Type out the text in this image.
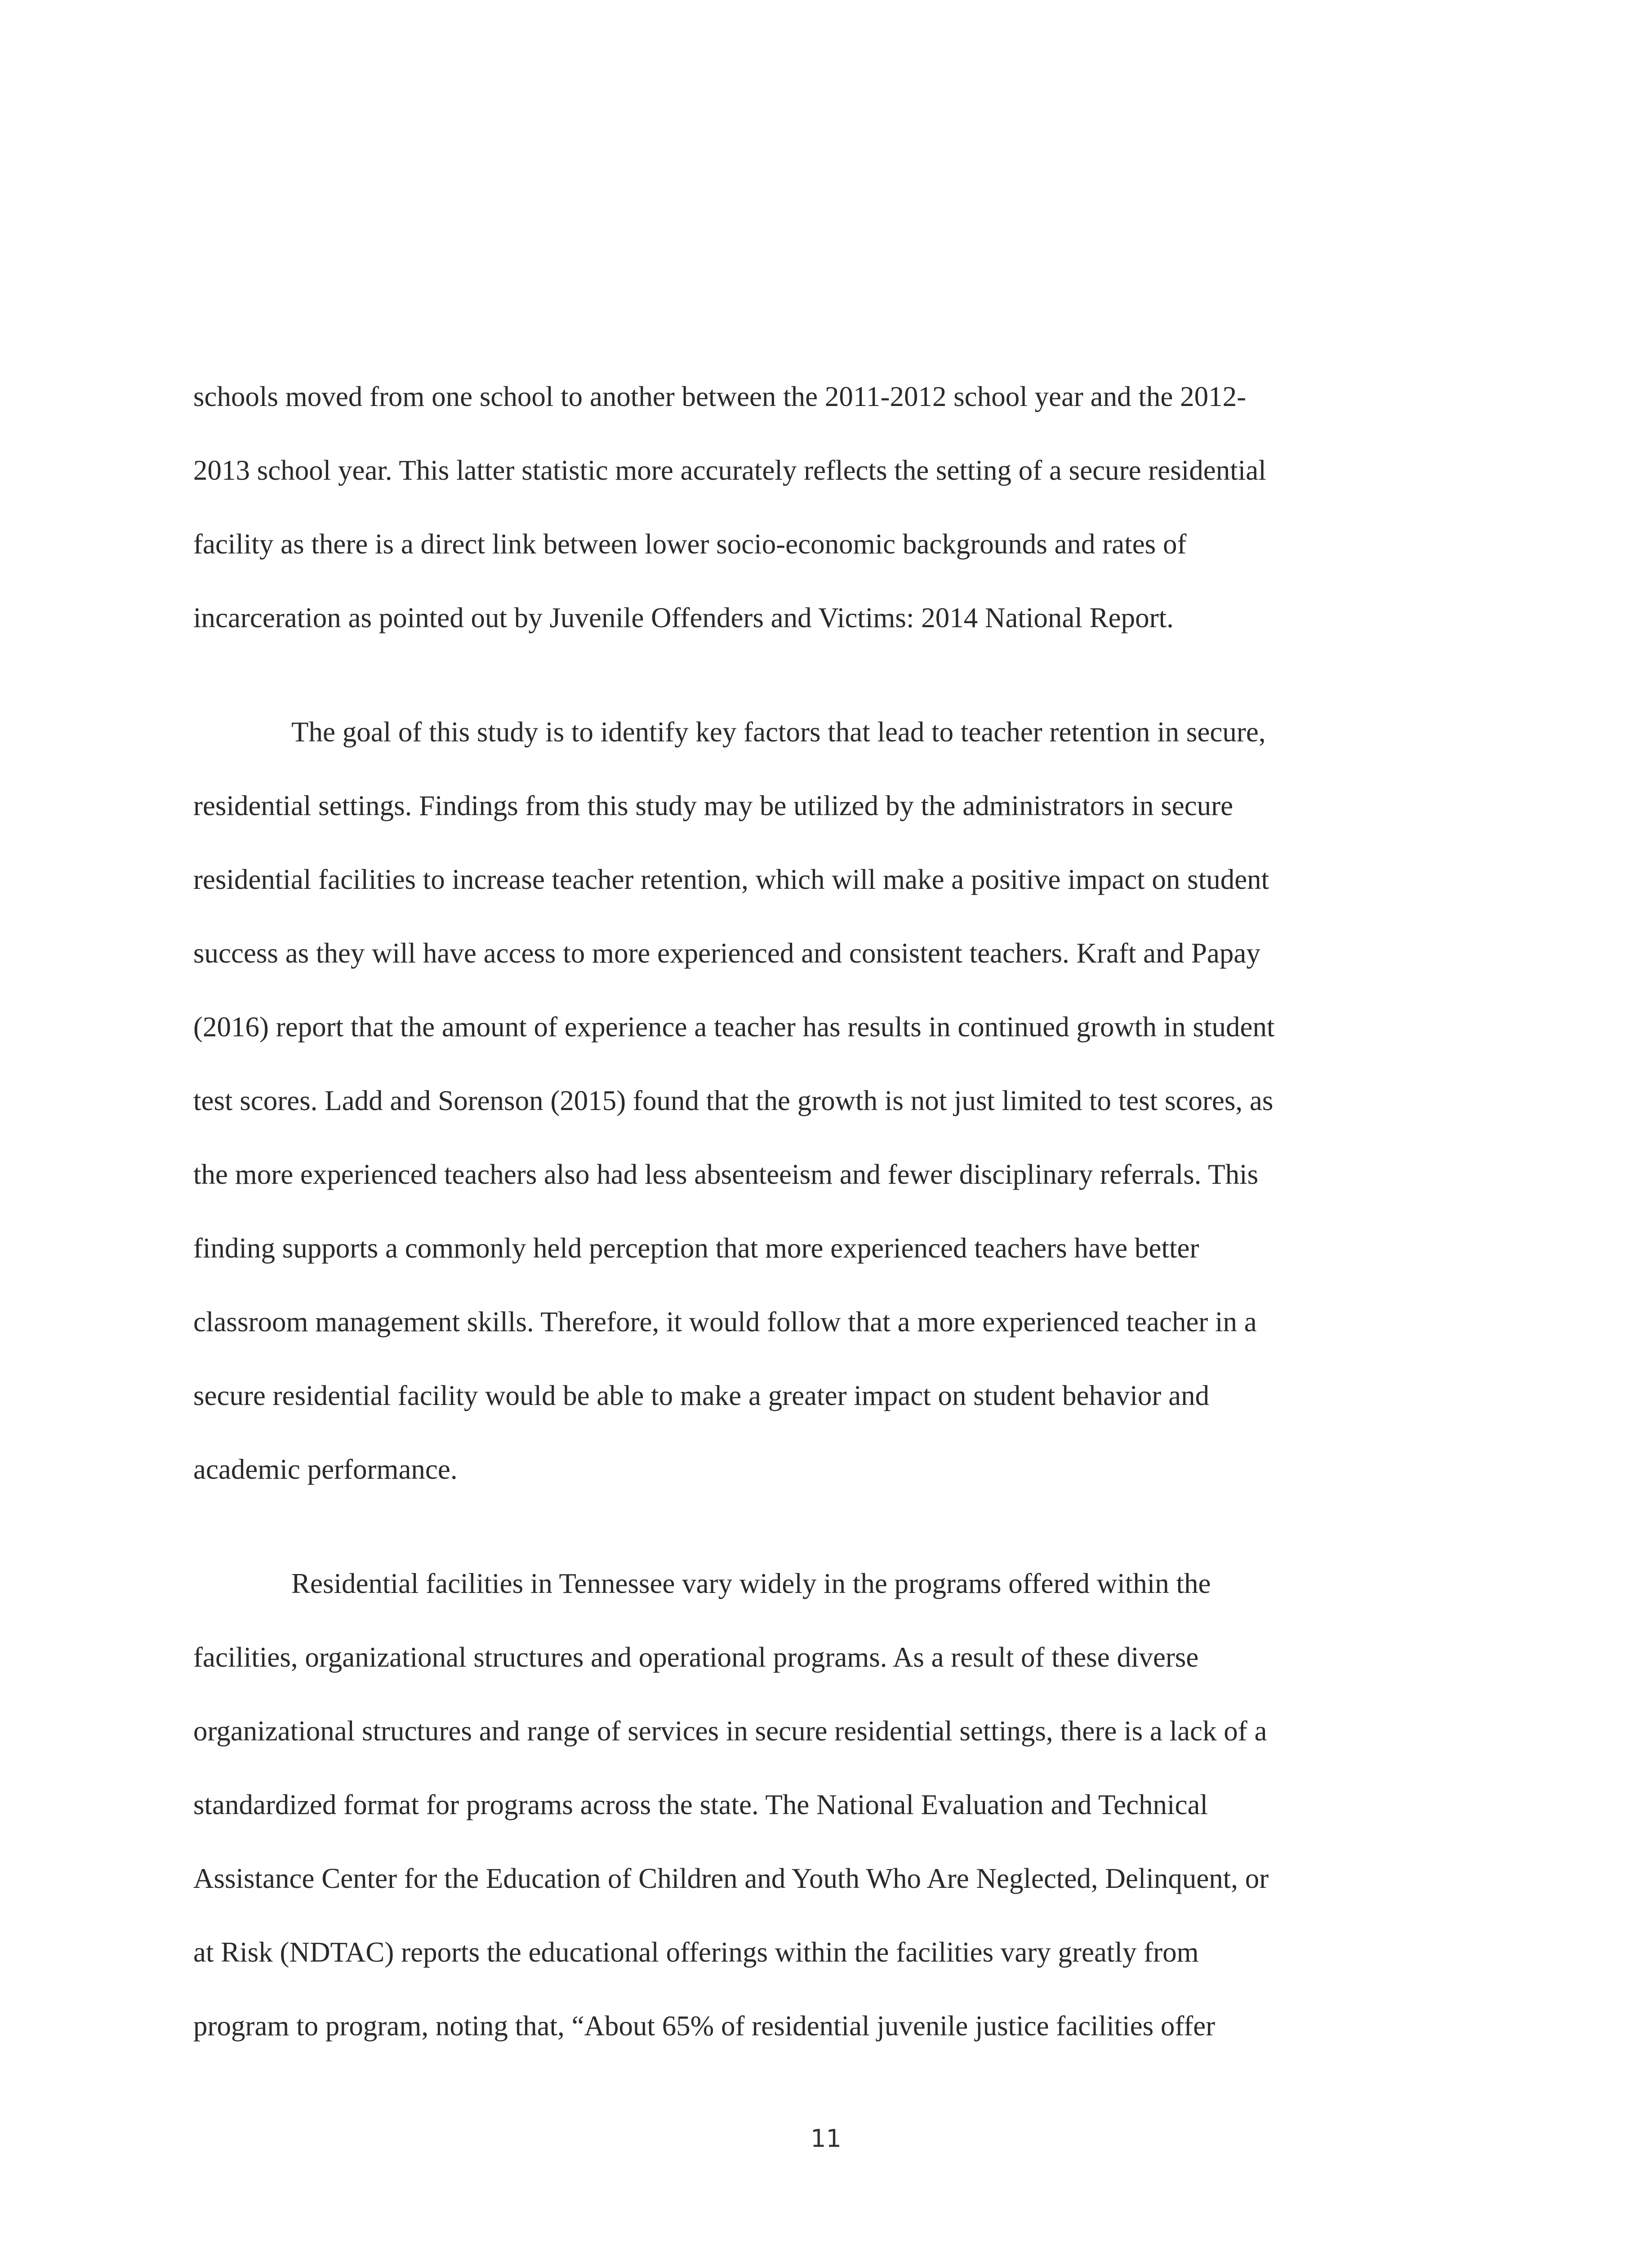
schools moved from one school to another between the 2011-2012 school year and the 2012-
2013 school year. This latter statistic more accurately reflects the setting of a secure residential
facility as there is a direct link between lower socio-economic backgrounds and rates of
incarceration as pointed out by Juvenile Offenders and Victims: 2014 National Report.

The goal of this study is to identify key factors that lead to teacher retention in secure,
residential settings. Findings from this study may be utilized by the administrators in secure
residential facilities to increase teacher retention, which will make a positive impact on student
success as they will have access to more experienced and consistent teachers. Kraft and Papay
(2016) report that the amount of experience a teacher has results in continued growth in student
test scores. Ladd and Sorenson (2015) found that the growth is not just limited to test scores, as
the more experienced teachers also had less absenteeism and fewer disciplinary referrals. This
finding supports a commonly held perception that more experienced teachers have better
classroom management skills. Therefore, it would follow that a more experienced teacher in a
secure residential facility would be able to make a greater impact on student behavior and
academic performance.

Residential facilities in Tennessee vary widely in the programs offered within the
facilities, organizational structures and operational programs. As a result of these diverse
organizational structures and range of services in secure residential settings, there is a lack of a
standardized format for programs across the state. The National Evaluation and Technical
Assistance Center for the Education of Children and Youth Who Are Neglected, Delinquent, or
at Risk (NDTAC) reports the educational offerings within the facilities vary greatly from
program to program, noting that, “About 65% of residential juvenile justice facilities offer

11
